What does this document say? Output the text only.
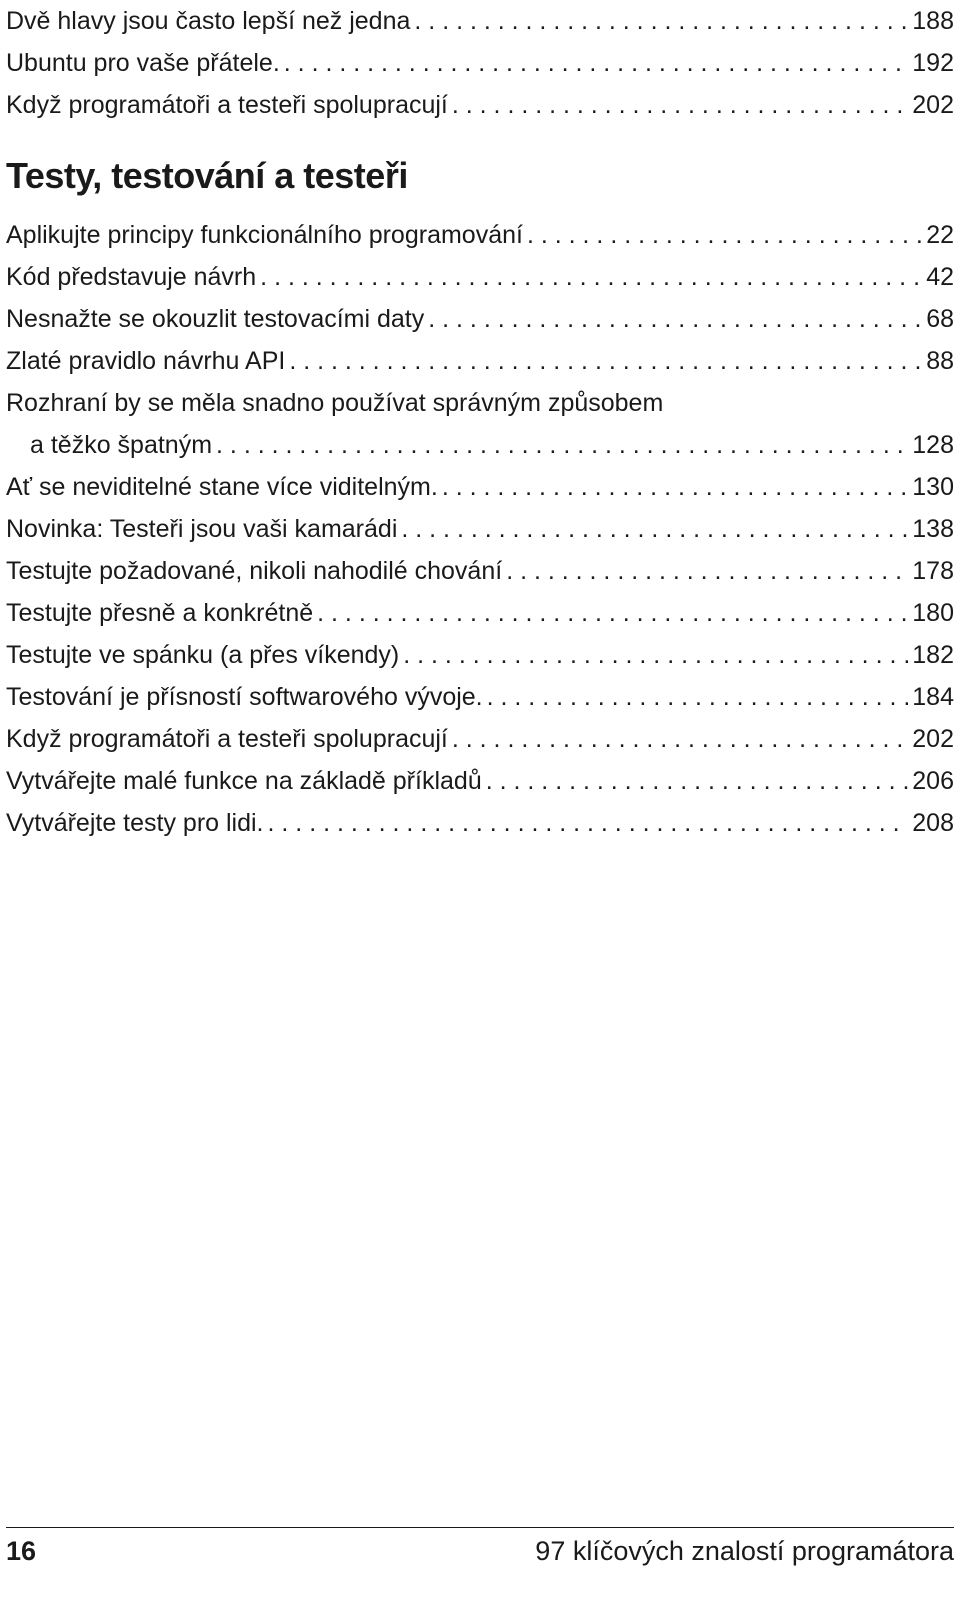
Dvě hlavy jsou často lepší než jedna . . .	188
Ubuntu pro vaše přátele. . . .	192
Když programátoři a testeři spolupracují . . .	202
Testy, testování a testeři
Aplikujte principy funkcionálního programování . . .	22
Kód představuje návrh . . .	42
Nesnažte se okouzlit testovacími daty . . .	68
Zlaté pravidlo návrhu API . . .	88
Rozhraní by se měla snadno používat správným způsobem
a těžko špatným . . .	128
Ať se neviditelné stane více viditelným. . . .	130
Novinka: Testeři jsou vaši kamarádi . . .	138
Testujte požadované, nikoli nahodilé chování . . .	178
Testujte přesně a konkrétně . . .	180
Testujte ve spánku (a přes víkendy) . . .	182
Testování je přísností softwarového vývoje. . . .	184
Když programátoři a testeři spolupracují . . .	202
Vytvářejte malé funkce na základě příkladů . . .	206
Vytvářejte testy pro lidi. . . .	208
16	97 klíčových znalostí programátora
